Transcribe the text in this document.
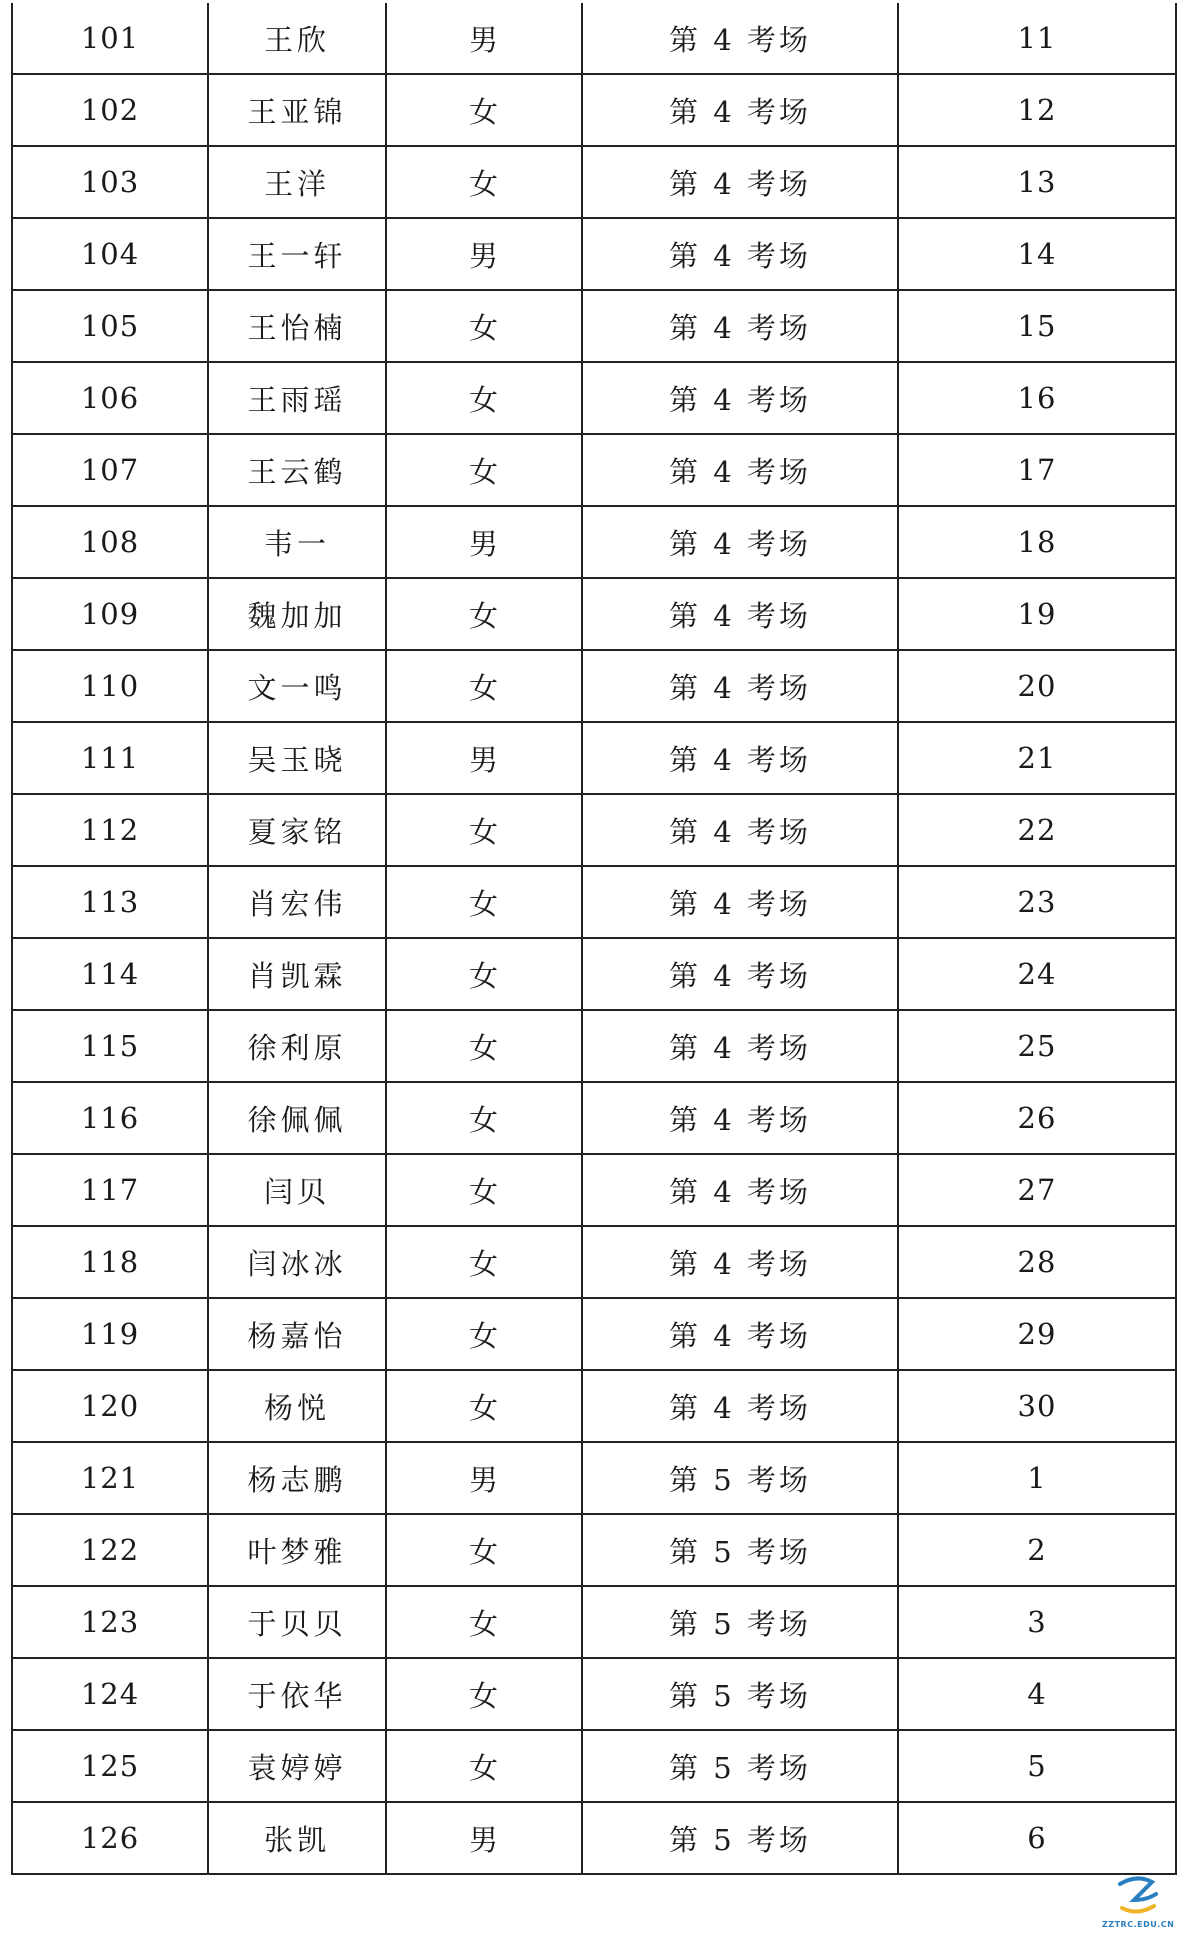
101	王欣	男	第 4 考场	11
102	王亚锦	女	第 4 考场	12
103	王洋	女	第 4 考场	13
104	王一轩	男	第 4 考场	14
105	王怡楠	女	第 4 考场	15
106	王雨瑶	女	第 4 考场	16
107	王云鹤	女	第 4 考场	17
108	韦一	男	第 4 考场	18
109	魏加加	女	第 4 考场	19
110	文一鸣	女	第 4 考场	20
111	吴玉晓	男	第 4 考场	21
112	夏家铭	女	第 4 考场	22
113	肖宏伟	女	第 4 考场	23
114	肖凯霖	女	第 4 考场	24
115	徐利原	女	第 4 考场	25
116	徐佩佩	女	第 4 考场	26
117	闫贝	女	第 4 考场	27
118	闫冰冰	女	第 4 考场	28
119	杨嘉怡	女	第 4 考场	29
120	杨悦	女	第 4 考场	30
121	杨志鹏	男	第 5 考场	1
122	叶梦雅	女	第 5 考场	2
123	于贝贝	女	第 5 考场	3
124	于依华	女	第 5 考场	4
125	袁婷婷	女	第 5 考场	5
126	张凯	男	第 5 考场	6
ZZTRC.EDU.CN
